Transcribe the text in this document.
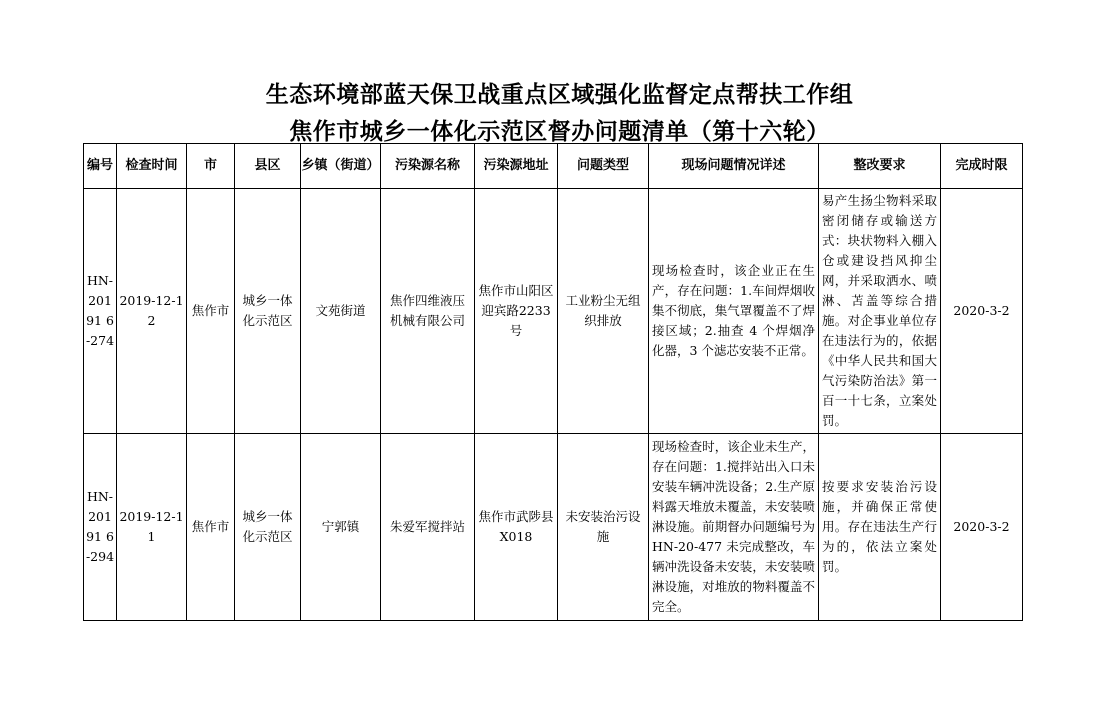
生态环境部蓝天保卫战重点区域强化监督定点帮扶工作组
焦作市城乡一体化示范区督办问题清单（第十六轮）
编号	检查时间	市	县区	乡镇（街道）	污染源名称	污染源地址	问题类型	现场问题情况详述	整改要求	完成时限
HN-20191 6-274	2019-12-12	焦作市	城乡一体化示范区	文苑街道	焦作四维液压机械有限公司	焦作市山阳区迎宾路2233号	工业粉尘无组织排放	现场检查时，该企业正在生产，存在问题：1.车间焊烟收集不彻底，集气罩覆盖不了焊接区域；2.抽查 4 个焊烟净化器，3 个滤芯安装不正常。	易产生扬尘物料采取密闭储存或输送方式：块状物料入棚入仓或建设挡风抑尘网，并采取洒水、喷淋、苫盖等综合措施。对企事业单位存在违法行为的，依据《中华人民共和国大气污染防治法》第一百一十七条，立案处罚。	2020-3-2
HN-20191 6-294	2019-12-11	焦作市	城乡一体化示范区	宁郭镇	朱爱军搅拌站	焦作市武陟县X018	未安装治污设施	现场检查时，该企业未生产，存在问题：1.搅拌站出入口未安装车辆冲洗设备；2.生产原料露天堆放未覆盖，未安装喷淋设施。前期督办问题编号为 HN-20-477 未完成整改，车辆冲洗设备未安装，未安装喷淋设施，对堆放的物料覆盖不完全。	按要求安装治污设施，并确保正常使用。存在违法生产行为的，依法立案处罚。	2020-3-2
